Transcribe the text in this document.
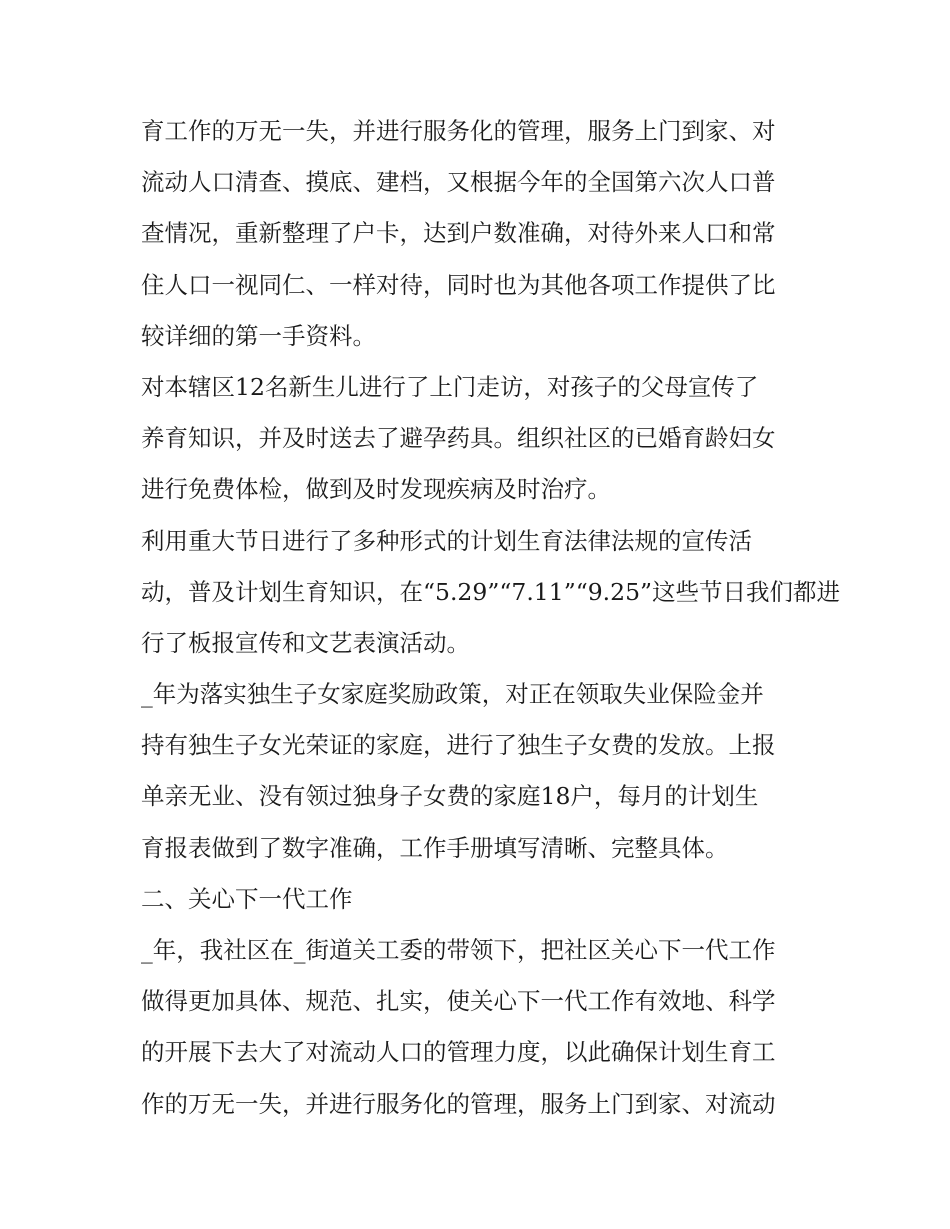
育工作的万无一失，并进行服务化的管理，服务上门到家、对
流动人口清查、摸底、建档，又根据今年的全国第六次人口普
查情况，重新整理了户卡，达到户数准确，对待外来人口和常
住人口一视同仁、一样对待，同时也为其他各项工作提供了比
较详细的第一手资料。
对本辖区12名新生儿进行了上门走访，对孩子的父母宣传了
养育知识，并及时送去了避孕药具。组织社区的已婚育龄妇女
进行免费体检，做到及时发现疾病及时治疗。
利用重大节日进行了多种形式的计划生育法律法规的宣传活
动，普及计划生育知识，在“5.29”“7.11”“9.25”这些节日我们都进
行了板报宣传和文艺表演活动。
_年为落实独生子女家庭奖励政策，对正在领取失业保险金并
持有独生子女光荣证的家庭，进行了独生子女费的发放。上报
单亲无业、没有领过独身子女费的家庭18户，每月的计划生
育报表做到了数字准确，工作手册填写清晰、完整具体。
二、关心下一代工作
_年，我社区在_街道关工委的带领下，把社区关心下一代工作
做得更加具体、规范、扎实，使关心下一代工作有效地、科学
的开展下去大了对流动人口的管理力度，以此确保计划生育工
作的万无一失，并进行服务化的管理，服务上门到家、对流动
